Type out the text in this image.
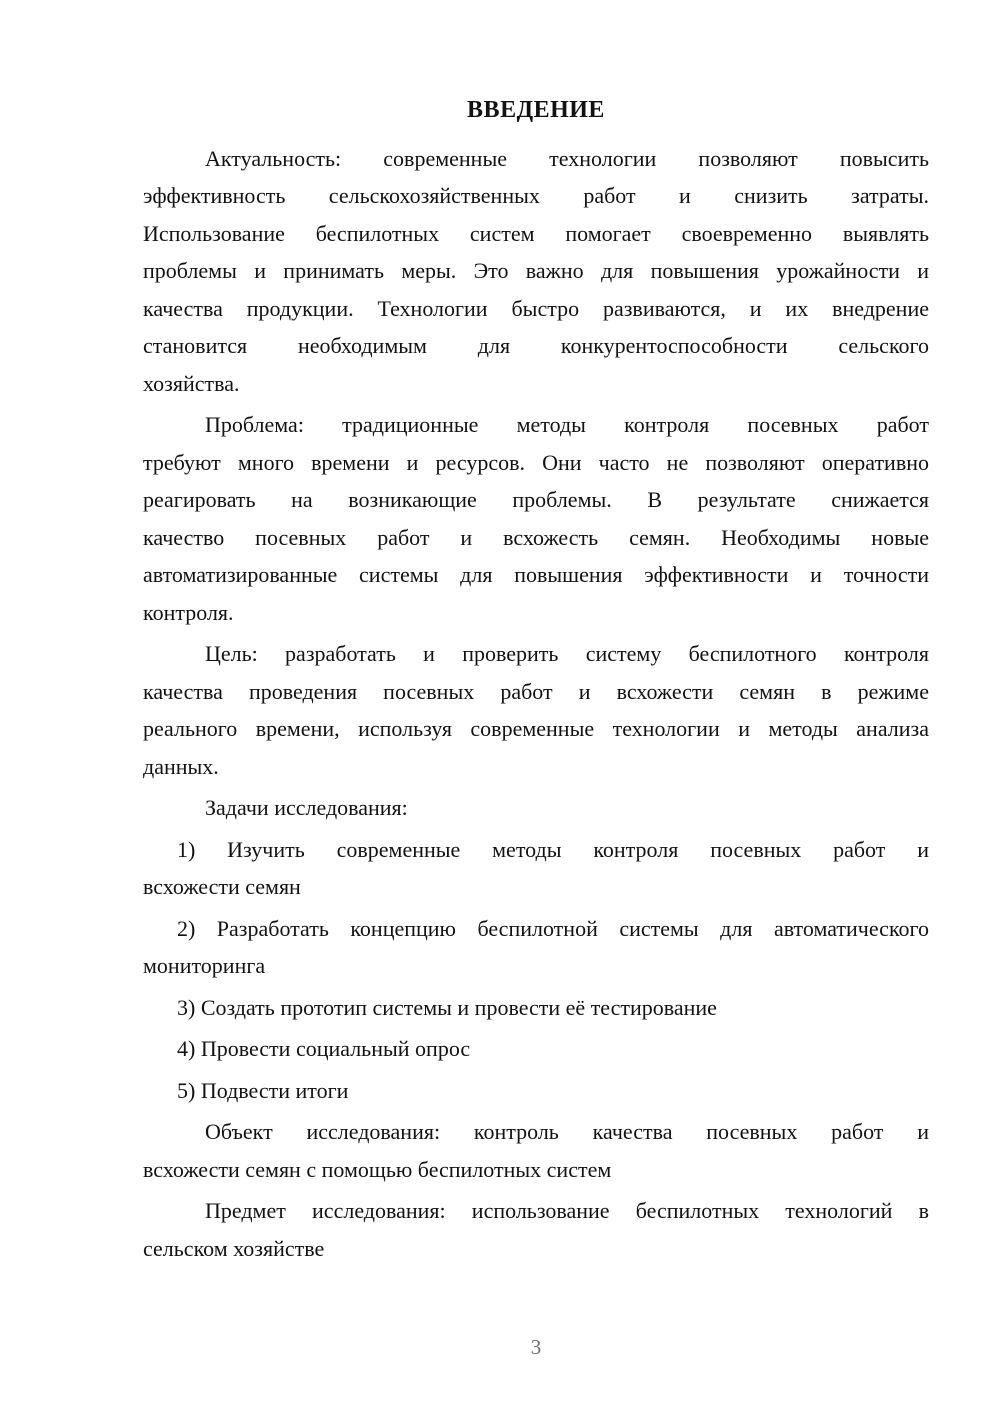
ВВЕДЕНИЕ
Актуальность: современные технологии позволяют повысить
эффективность сельскохозяйственных работ и снизить затраты.
Использование беспилотных систем помогает своевременно выявлять
проблемы и принимать меры. Это важно для повышения урожайности и
качества продукции. Технологии быстро развиваются, и их внедрение
становится необходимым для конкурентоспособности сельского
хозяйства.
Проблема: традиционные методы контроля посевных работ
требуют много времени и ресурсов. Они часто не позволяют оперативно
реагировать на возникающие проблемы. В результате снижается
качество посевных работ и всхожесть семян. Необходимы новые
автоматизированные системы для повышения эффективности и точности
контроля.
Цель: разработать и проверить систему беспилотного контроля
качества проведения посевных работ и всхожести семян в режиме
реального времени, используя современные технологии и методы анализа
данных.
Задачи исследования:
1) Изучить современные методы контроля посевных работ и
всхожести семян
2) Разработать концепцию беспилотной системы для автоматического
мониторинга
3) Создать прототип системы и провести её тестирование
4) Провести социальный опрос
5) Подвести итоги
Объект исследования: контроль качества посевных работ и
всхожести семян с помощью беспилотных систем
Предмет исследования: использование беспилотных технологий в
сельском хозяйстве
3
